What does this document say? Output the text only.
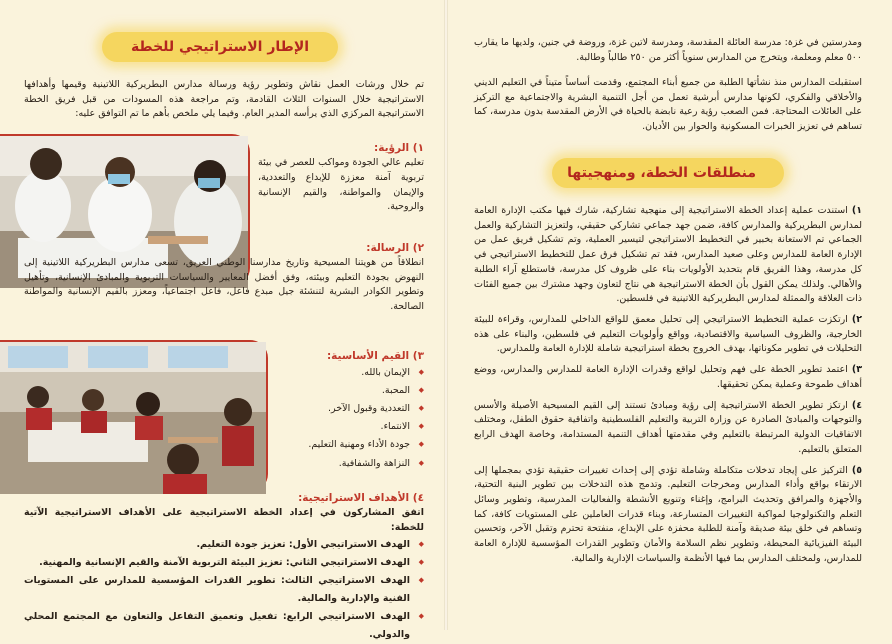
ومدرستين في غزة: مدرسة العائلة المقدسة، ومدرسة لاتين غزة، وروضة في جنين، ولديها ما يقارب ٥٠٠ معلم ومعلمة، ويتخرج من المدارس سنوياً أكثر من ٢٥٠ طالباً وطالبة.

استقبلت المدارس منذ نشأتها الطلبة من جميع أبناء المجتمع، وقدمت أساساً متيناً في التعليم الديني والأخلاقي والفكري، لكونها مدارس أبرشية تعمل من أجل التنمية البشرية والاجتماعية مع التركيز على العائلات المحتاجة. فمن الصعب رؤية رعية نابضة بالحياة في الأرض المقدسة بدون مدرسة، كما تساهم في تعزيز الخبرات المسكونية والحوار بين الأديان.

منطلقات الخطة، ومنهجيتها
١)استندت عملية إعداد الخطة الاستراتيجية إلى منهجية تشاركية، شارك فيها مكتب الإدارة العامة لمدارس البطريركية والمدارس كافة، ضمن جهد جماعي تشاركي حقيقي، ولتعزيز التشاركية والعمل الجماعي تم الاستعانة بخبير في التخطيط الاستراتيجي لتيسير العملية، وتم تشكيل فريق عمل من الإدارة العامة للمدارس وعلى صعيد المدارس، فقد تم تشكيل فرق عمل للتخطيط الاستراتيجي في كل مدرسة، وهذا الفريق قام بتحديد الأولويات بناء على ظروف كل مدرسة، فاستطلع آراء الطلبة والأهالي. ولذلك يمكن القول بأن الخطة الاستراتيجية هي نتاج لتعاون وجهد مشترك بين جميع الفئات ذات العلاقة والممثلة لمدارس البطريركية اللاتينية في فلسطين.
٢)ارتكزت عملية التخطيط الاستراتيجي إلى تحليل معمق للواقع الداخلي للمدارس، وقراءة للبيئة الخارجية، والظروف السياسية والاقتصادية، وواقع وأولويات التعليم في فلسطين، والبناء على هذه التحليلات في تطوير مكوناتها، بهدف الخروج بخطة استراتيجية شاملة للإدارة العامة وللمدارس.
٣)اعتمد تطوير الخطة على فهم وتحليل لواقع وقدرات الإدارة العامة للمدارس والمدارس، ووضع أهداف طموحة وعملية يمكن تحقيقها.
٤)ارتكز تطوير الخطة الاستراتيجية إلى رؤية ومبادئ تستند إلى القيم المسيحية الأصيلة والأسس والتوجهات والمبادئ الصادرة عن وزارة التربية والتعليم الفلسطينية واتفاقية حقوق الطفل، ومختلف الاتفاقيات الدولية المرتبطة بالتعليم وفي مقدمتها أهداف التنمية المستدامة، وخاصة الهدف الرابع المتعلق بالتعليم.
٥)التركيز على إيجاد تدخلات متكاملة وشاملة تؤدي إلى إحداث تغييرات حقيقية تؤدي بمجملها إلى الارتقاء بواقع وأداء المدارس ومخرجات التعليم. وتدمج هذه التدخلات بين تطوير البنية التحتية، والأجهزة والمرافق وتحديث البرامج، وإغناء وتنويع الأنشطة والفعاليات المدرسية، وتطوير وسائل التعلم والتكنولوجيا لمواكبة التغييرات المتسارعة، وبناء قدرات العاملين على المستويات كافة، كما وتساهم في خلق بيئة صديقة وآمنة للطلبة محفزة على الإبداع، منفتحة تحترم وتقبل الآخر، وتحسين البيئة الفيزيائية المحيطة، وتطوير نظم السلامة والأمان وتطوير القدرات المؤسسية للإدارة العامة للمدارس، ولمختلف المدارس بما فيها الأنظمة والسياسات الإدارية والمالية.
الإطار الاستراتيجي للخطة

تم خلال ورشات العمل نقاش وتطوير رؤية ورسالة مدارس البطريركية اللاتينية وقيمها وأهدافها الاستراتيجية خلال السنوات الثلاث القادمة، وتم مراجعة هذه المسودات من قبل فريق الخطة الاستراتيجية المركزي الذي يرأسه المدير العام. وفيما يلي ملخص بأهم ما تم التوافق عليه:

١) الرؤية:

تعليم عالي الجودة ومواكب للعصر في بيئة تربوية آمنة معززة للإبداع والتعددية، والإيمان والمواطنة، والقيم الإنسانية والروحية.

٢) الرسالة:

انطلاقاً من هويتنا المسيحية وتاريخ مدارسنا الوطني العريق، تسعى مدارس البطريركية اللاتينية إلى النهوض بجودة التعليم وبيئته، وفق أفضل المعايير والسياسات التربوية والمبادئ الإنسانية، وتأهيل وتطوير الكوادر البشرية لتنشئة جيل مبدع فاعل، فاعل اجتماعياً، ومعزز بالقيم الإنسانية والمواطنة الصالحة.

٣) القيم الأساسية:
◆ الإيمان بالله.
◆ المحبة.
◆ التعددية وقبول الآخر.
◆ الانتماء.
◆ جودة الأداء ومهنية التعليم.
◆ النزاهة والشفافية.
٤) الأهداف الاستراتيجية:

اتفق المشاركون في إعداد الخطة الاستراتيجية على الأهداف الاستراتيجية الآتية للخطة:

◆ الهدف الاستراتيجي الأول: تعزيز جودة التعليم.
◆ الهدف الاستراتيجي الثاني: تعزيز البيئة التربوية الآمنة والقيم الإنسانية والمهنية.
◆ الهدف الاستراتيجي الثالث: تطوير القدرات المؤسسية للمدارس على المستويات الفنية والإدارية والمالية.
◆ الهدف الاستراتيجي الرابع: تفعيل وتعميق التفاعل والتعاون مع المجتمع المحلي والدولي.
